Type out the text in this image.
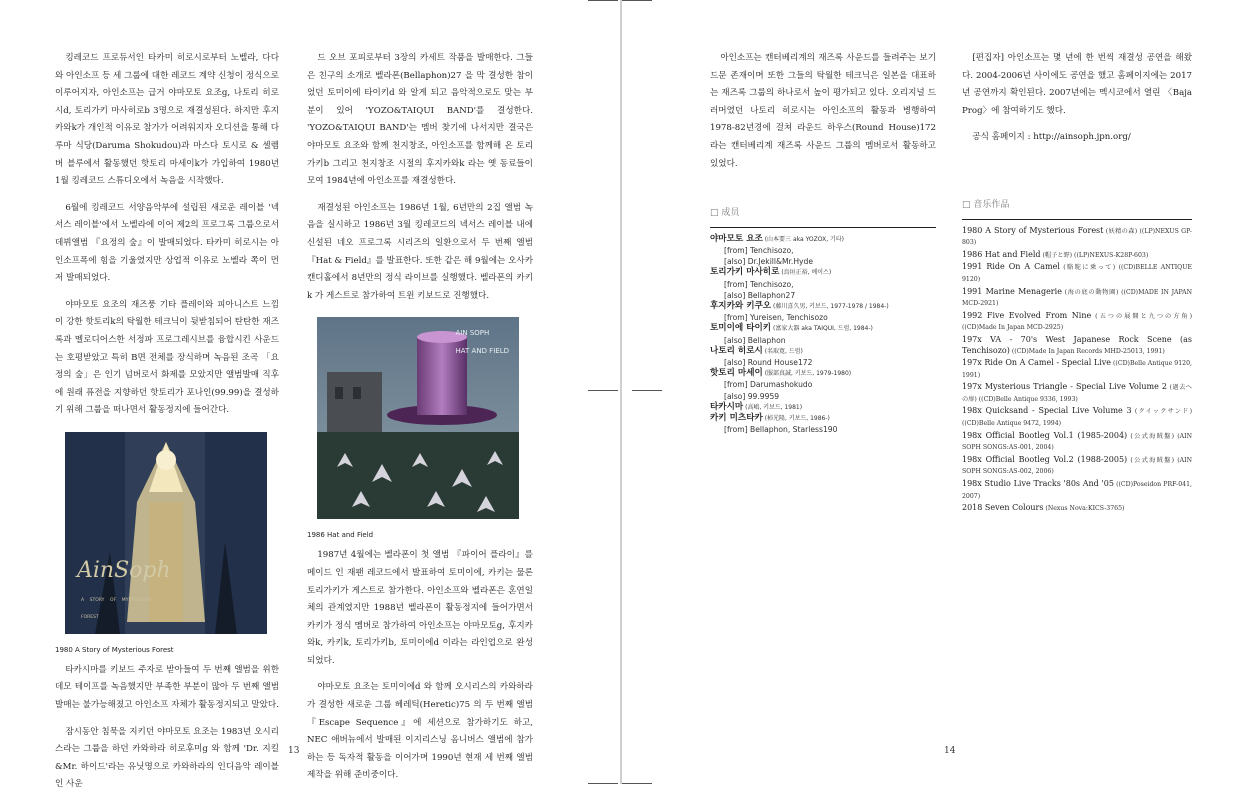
킹레코드 프로듀서인 타카미 히로시로부터 노벨라, 다다와 아인소프 등 세 그룹에 대한 레코드 계약 신청이 정식으로 이루어지자, 아인소프는 급거 야마모토 요조g, 나토리 히로시d, 토리가키 마사히로b 3명으로 재결성된다. 하지만 후지카와k가 개인적 이유로 참가가 어려워지자 오디션을 통해 다루마 식당(Daruma Shokudou)과 마스다 토시로 & 셀렘버 블루에서 활동했던 핫토리 마세이k가 가입하여 1980년 1월 킹레코드 스튜디오에서 녹음을 시작했다.

6월에 킹레코드 서양음악부에 설립된 새로운 레이블 '넥서스 레이블'에서 노벨라에 이어 제2의 프로그록 그룹으로서 데뷔앨범 『요정의 숲』이 발매되었다. 타카미 히로시는 아인소프폭에 힘을 기울였지만 상업적 이유로 노벨라 쪽이 먼저 발매되었다.

야마모토 요조의 재즈풍 기타 플레이와 피아니스트 느낌이 강한 핫토리k의 탁월한 테크닉이 뒷받침되어 탄탄한 재즈록과 멜로디어스한 서정파 프로그레시브를 융합시킨 사운드는 호평받았고 특히 B면 전체를 장식하며 녹음된 조곡 「요정의 숲」은 인기 넘버로서 화제를 모았지만 앨범발매 직후에 원래 퓨전을 지향하던 핫토리가 포나인(99.99)을 결성하기 위해 그룹을 떠나면서 활동정지에 들어간다.

AinSoph
A STORY OF MYSTERIOUS FOREST
1980 A Story of Mysterious Forest

타카시마를 키보드 주자로 받아들여 두 번째 앨범을 위한 데모 테이프를 녹음했지만 부족한 부분이 많아 두 번째 앨범 발매는 불가능해졌고 아인소프 자체가 활동정지되고 말았다.

잠시동안 침묵을 지키던 야마모토 요조는 1983년 오시리스라는 그룹을 하던 카와하라 히로후미g 와 함께 'Dr. 지킬&Mr. 하이드'라는 유닛명으로 카와하라의 인디음악 레이블인 사운

드 오브 포피로부터 3장의 카세트 작품을 발매한다. 그들은 친구의 소개로 벨라폰(Bellaphon)27 을 막 결성한 참이었던 토미이에 타이키d 와 알게 되고 음악적으로도 맞는 부분이 있어 'YOZO&TAIQUI BAND'를 결성한다. 'YOZO&TAIQUI BAND'는 멤버 찾기에 나서지만 결국은 야마모토 요조와 함께 천지창조, 아인소프를 함께해 온 토리가키b 그리고 천지창조 시절의 후지카와k 라는 옛 동료들이 모여 1984년에 아인소프를 재결성한다.

재결성된 아인소프는 1986년 1월, 6년만의 2집 앨범 녹음을 실시하고 1986년 3월 킹레코드의 넥서스 레이블 내에 신설된 네오 프로그록 시리즈의 일환으로서 두 번째 앨범 『Hat & Field』를 발표한다. 또한 같은 해 9월에는 오사카 캔디홀에서 8년만의 정식 라이브를 실행했다. 벨라폰의 카키k 가 게스트로 참가하여 트윈 키보드로 진행했다.

AIN SOPH
HAT AND FIELD
1986 Hat and Field

1987년 4월에는 벨라폰이 첫 앨범 『파이어 플라이』를 메이드 인 재팬 레코드에서 발표하여 토미이에, 카키는 물론 토리가키가 게스트로 참가한다. 아인소프와 벨라폰은 혼연일체의 관계였지만 1988년 벨라폰이 활동정지에 들어가면서 카키가 정식 멤버로 참가하여 아인소프는 야마모토g, 후지카와k, 카키k, 토리가키b, 토미이에d 이라는 라인업으로 완성되었다.

야마모토 요조는 토미이에d 와 함께 오시리스의 카와하라가 결성한 새로운 그룹 헤레틱(Heretic)75 의 두 번째 앨범 『Escape Sequence』에 세션으로 참가하기도 하고, NEC 애버뉴에서 발매된 이지리스닝 옴니버스 앨범에 참가하는 등 독자적 활동을 이어가며 1990년 현재 세 번째 앨범 제작을 위해 준비중이다.

13

아인소프는 캔터베리계의 재즈록 사운드를 들려주는 보기 드문 존재이며 또한 그들의 탁월한 테크닉은 일본을 대표하는 재즈록 그룹의 하나로서 높이 평가되고 있다. 오리지널 드러머였던 나토리 히로시는 아인소프의 활동과 병행하여 1978-82년경에 걸쳐 라운드 하우스(Round House)172 라는 캔터베리계 재즈록 사운드 그룹의 멤버로서 활동하고 있었다.

□ 成员
야마모토 요조 (山本要三 aka YOZOX, 기타)
[from] Tenchisozo,
[also] Dr.Jekill&Mr.Hyde
토리가키 마사히로 (鳥垣正裕, 베이스)
[from] Tenchisozo,
[also] Bellaphon27
후지카와 키쿠오 (藤川喜久男, 키보드, 1977-1978 / 1984-)
[from] Yureisen, Tenchisozo
토미이에 타이키 (富家大器 aka TAIQUI, 드럼, 1984-)
[also] Bellaphon
나토리 히로시 (名取寛, 드럼)
[also] Round House172
핫토리 마세이 (服部真誠, 키보드, 1979-1980)
[from] Darumashokudo
[also] 99.9959
타카시마 (高嶋, 키보드, 1981)
카키 미츠타카 (柿光隆, 키보드, 1986-)
[from] Bellaphon, Starless190

[편집자] 아인소프는 몇 년에 한 번씩 재결성 공연을 해왔다. 2004-2006년 사이에도 공연을 했고 홈페이지에는 2017년 공연까지 확인된다. 2007년에는 멕시코에서 열린 〈Baja Prog〉에 참여하기도 했다.

공식 홈페이지 : http://ainsoph.jpn.org/

□ 音乐作品
1980 A Story of Mysterious Forest (妖精の森) ((LP)NEXUS GP-803)
1986 Hat and Field (帽子と野) ((LP)NEXUS-K28P-603)
1991 Ride On A Camel (駱駝に乗って) ((CD)BELLE ANTIQUE 9120)
1991 Marine Menagerie (海の底の動物園) ((CD)MADE IN JAPAN MCD-2921)
1992 Five Evolved From Nine (五つの展開と九つの方角) ((CD)Made In Japan MCD-2925)
197x VA - 70's West Japanese Rock Scene (as Tenchisozo) ((CD)Made In Japan Records MHD-25013, 1991)
197x Ride On A Camel - Special Live ((CD)Belle Antique 9120, 1991)
197x Mysterious Triangle - Special Live Volume 2 (過去への扉) ((CD)Belle Antique 9336, 1993)
198x Quicksand - Special Live Volume 3 (クイックサンド) ((CD)Belle Antique 9472, 1994)
198x Official Bootleg Vol.1 (1985-2004) (公式海賊盤) (AIN SOPH SONGS:AS-001, 2004)
198x Official Bootleg Vol.2 (1988-2005) (公式海賊盤) (AIN SOPH SONGS:AS-002, 2006)
198x Studio Live Tracks '80s And '05 ((CD)Poseidon PRF-041, 2007)
2018 Seven Colours (Nexus Nova:KICS-3765)
14
